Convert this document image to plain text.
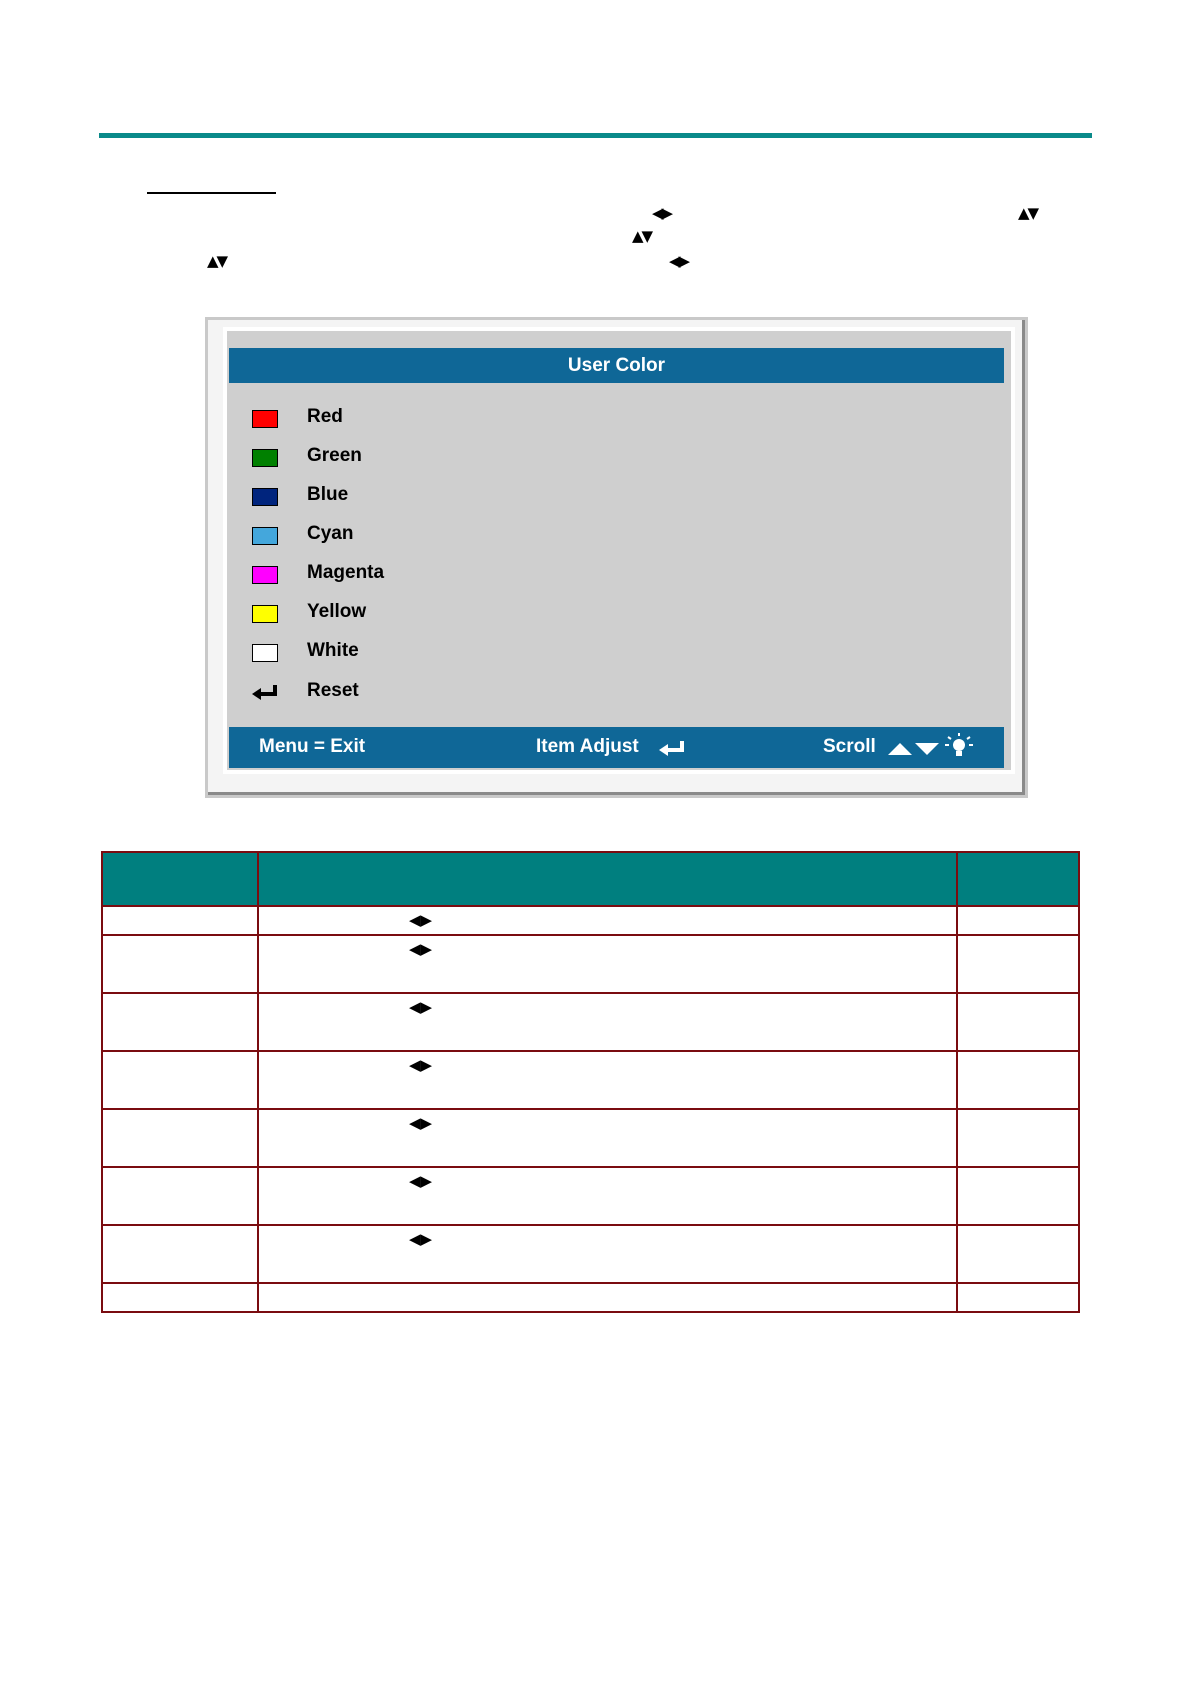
◀▶	▲▼
▲▼
▲▼	◀▶
User Color
Red
Green
Blue
Cyan
Magenta
Yellow
White
Reset
Menu = Exit	Item Adjust	Scroll

	◀▶	
	◀▶	
	◀▶	
	◀▶	
	◀▶	
	◀▶	
	◀▶	
